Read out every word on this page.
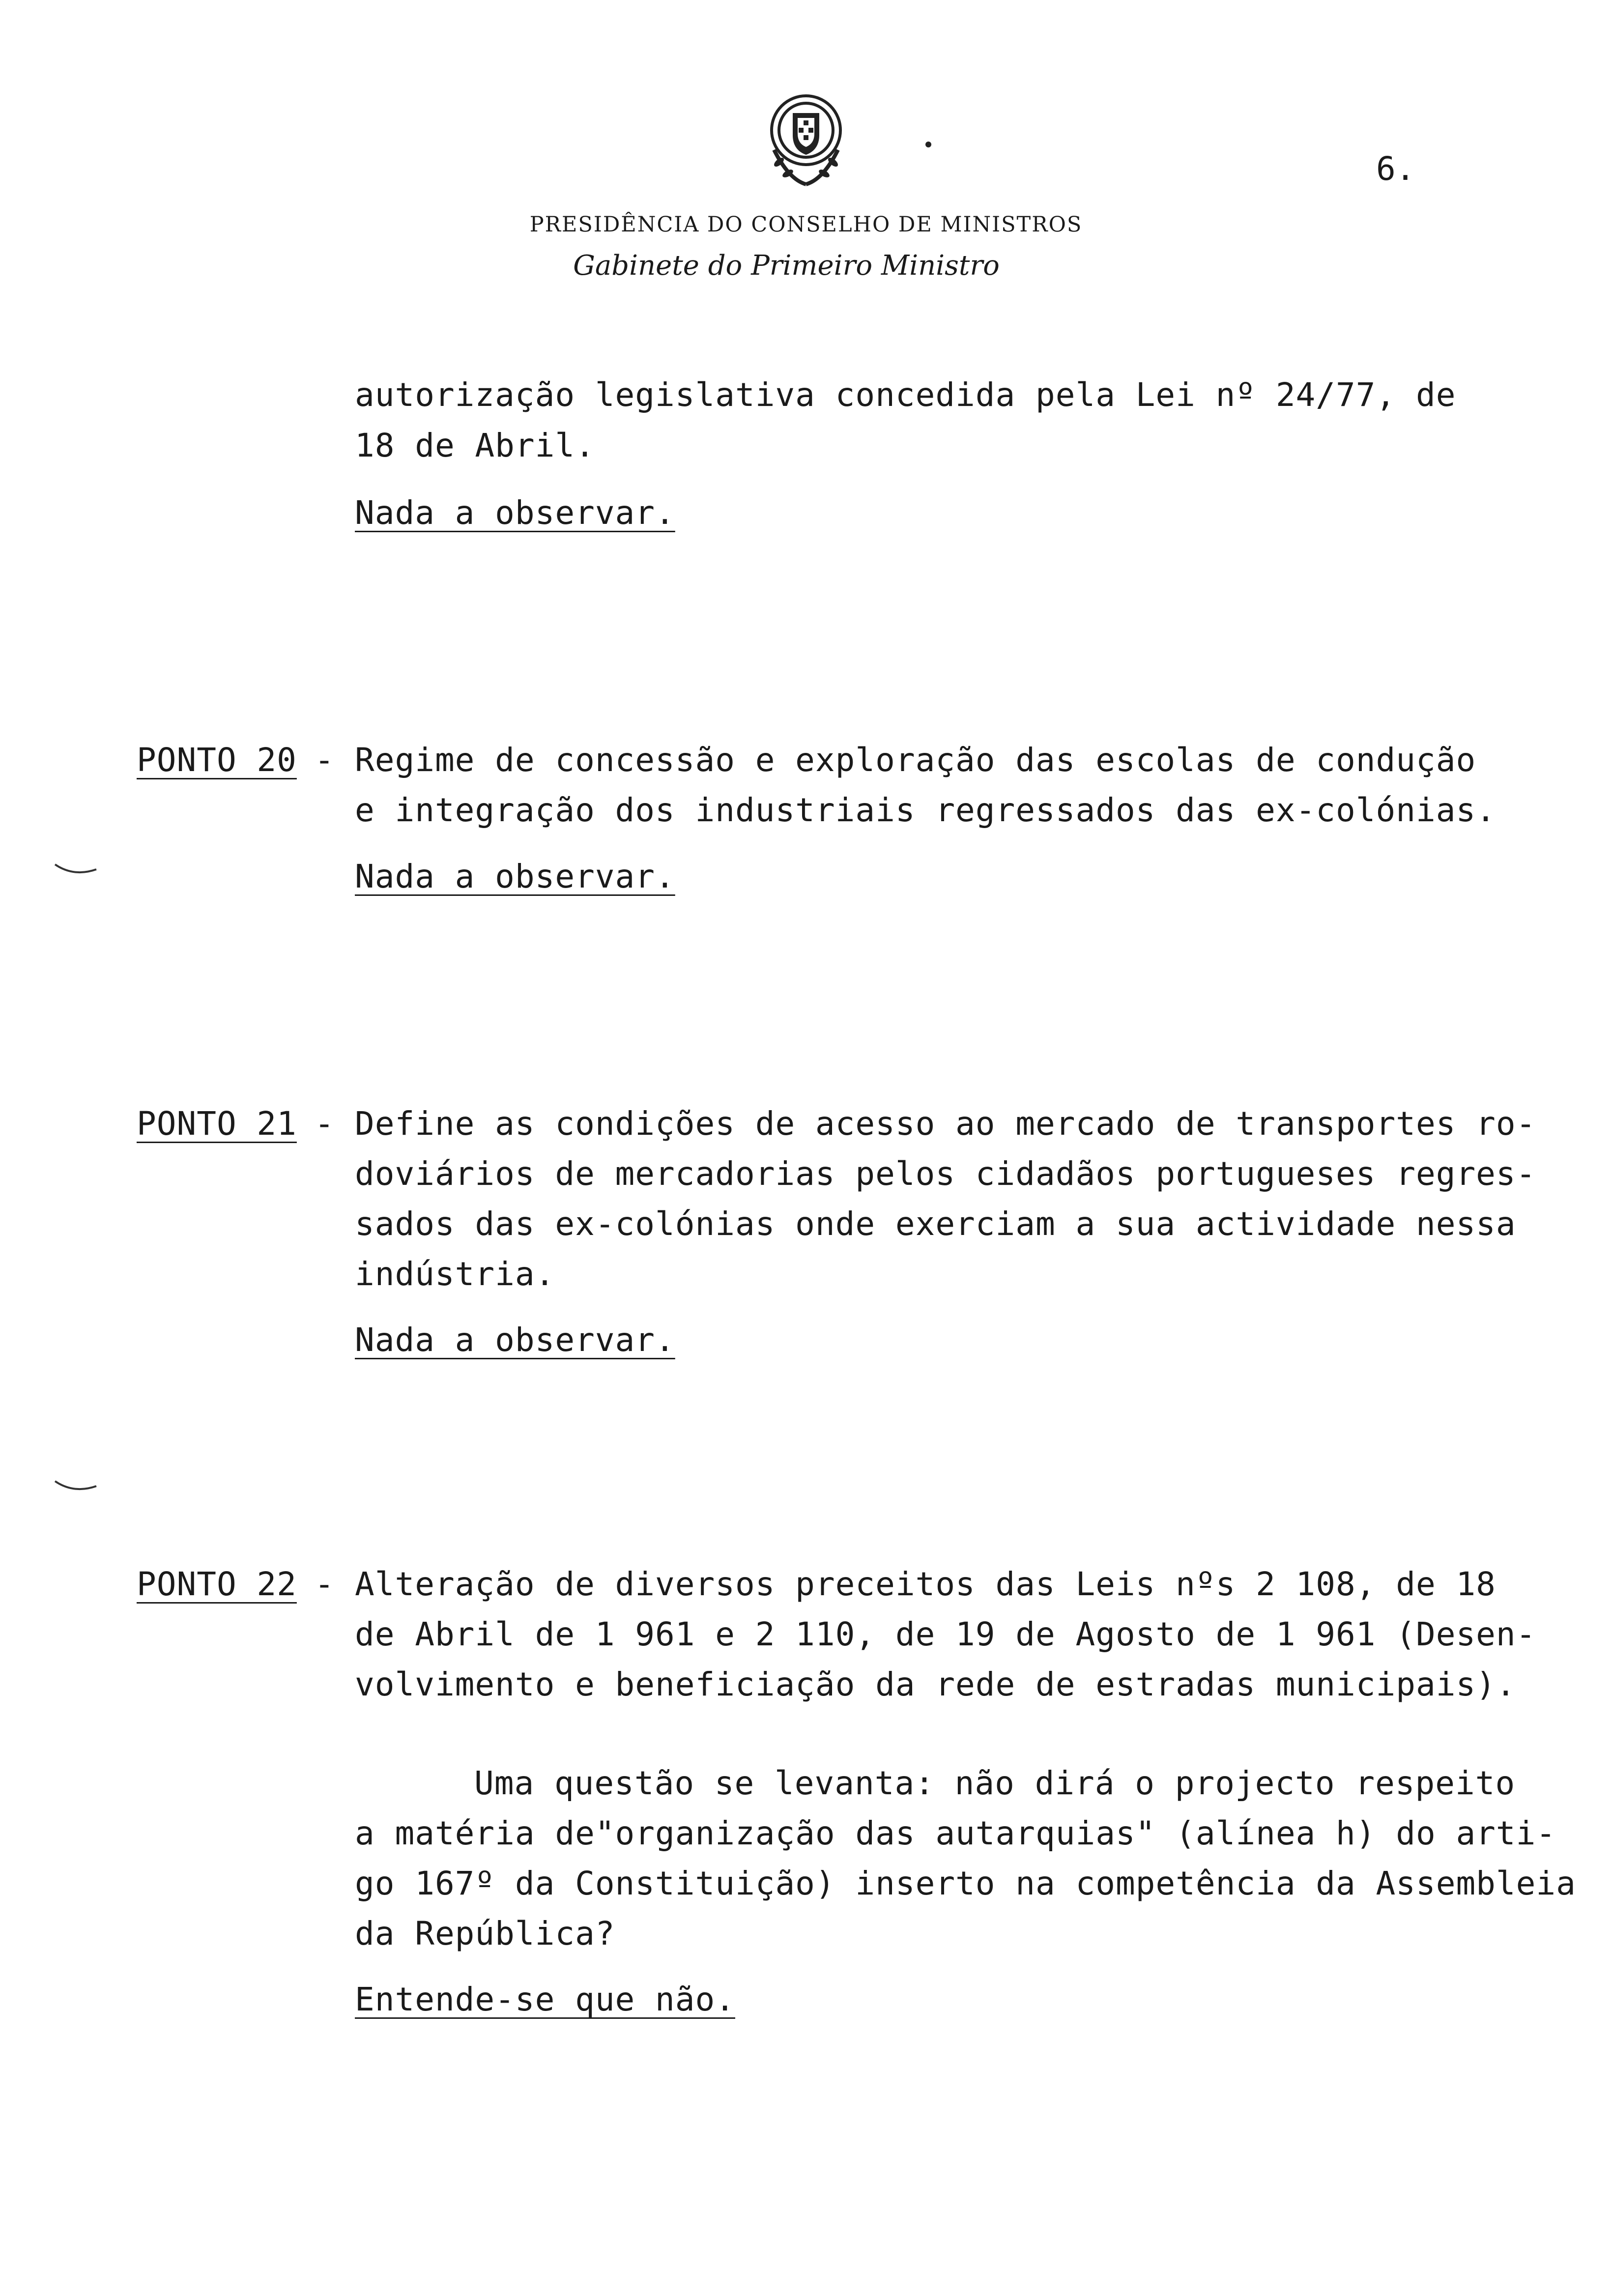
6.
PRESIDÊNCIA DO CONSELHO DE MINISTROS
Gabinete do Primeiro Ministro
autorização legislativa concedida pela Lei nº 24/77, de
18 de Abril.
Nada a observar.
PONTO 20 - Regime de concessão e exploração das escolas de condução
e integração dos industriais regressados das ex-colónias.
Nada a observar.
PONTO 21 - Define as condições de acesso ao mercado de transportes ro-
doviários de mercadorias pelos cidadãos portugueses regres-
sados das ex-colónias onde exerciam a sua actividade nessa
indústria.
Nada a observar.
PONTO 22 - Alteração de diversos preceitos das Leis nºs 2 108, de 18
de Abril de 1 961 e 2 110, de 19 de Agosto de 1 961 (Desen-
volvimento e beneficiação da rede de estradas municipais).
Uma questão se levanta: não dirá o projecto respeito
a matéria de"organização das autarquias" (alínea h) do arti-
go 167º da Constituição) inserto na competência da Assembleia
da República?
Entende-se que não.
